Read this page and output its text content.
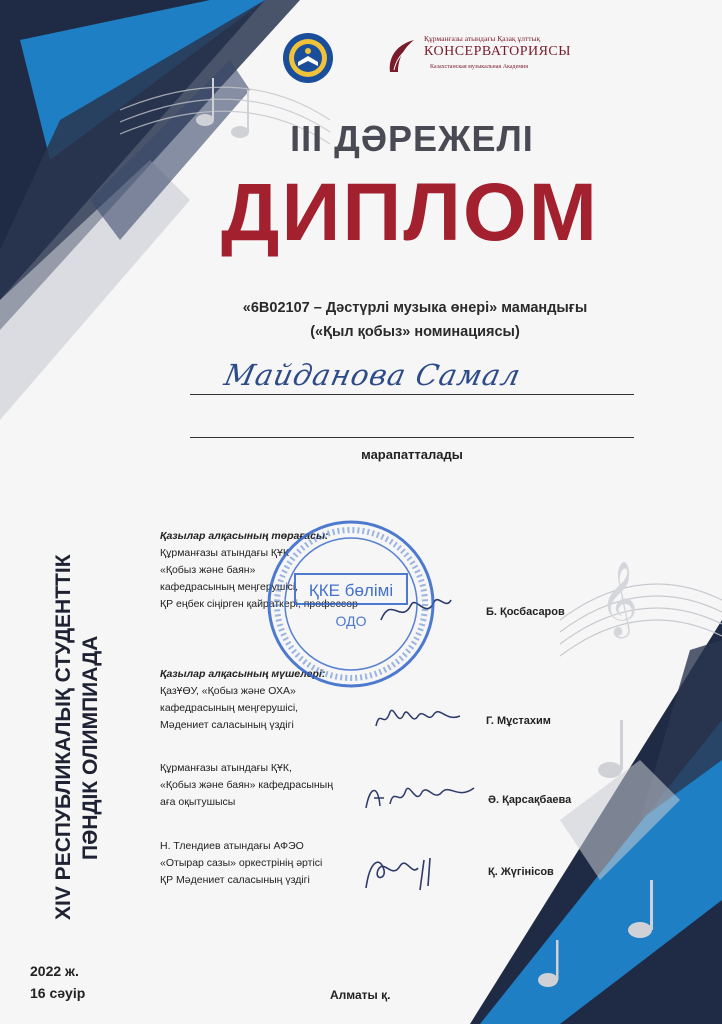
𝄞
Құрманғазы атындағы Қазақ ұлттық
КОНСЕРВАТОРИЯСЫ
Казахстанская музыкальная Академия
III ДӘРЕЖЕЛІ
ДИПЛОМ
«6B02107 – Дәстүрлі музыка өнері» мамандығы
(«Қыл қобыз» номинациясы)
Майданова Самал
марапатталады
XIV РЕСПУБЛИКАЛЫҚ СТУДЕНТТІК ПӘНДІК ОЛИМПИАДА
Қазылар алқасының төрағасы:
Құрманғазы атындағы ҚҰК
«Қобыз және баян»
кафедрасының меңгерушісі,
ҚР еңбек сіңірген қайраткері, профессор
Б. Қосбасаров
Қазылар алқасының мүшелері:
ҚазҰӨУ, «Қобыз және ОХА»
кафедрасының меңгерушісі,
Мәдениет саласының үздігі	Г. Мұстахим
Құрманғазы атындағы ҚҰК,
«Қобыз және баян» кафедрасының
аға оқытушысы	Ә. Қарсақбаева
Н. Тлендиев атындағы АФЭО
«Отырар сазы» оркестрінің әртісі
ҚР Мәдениет саласының үздігі
Қ. Жүгінісов
ҚКЕ бөлімі
ОДО
2022 ж.
16 сәуір	Алматы қ.
